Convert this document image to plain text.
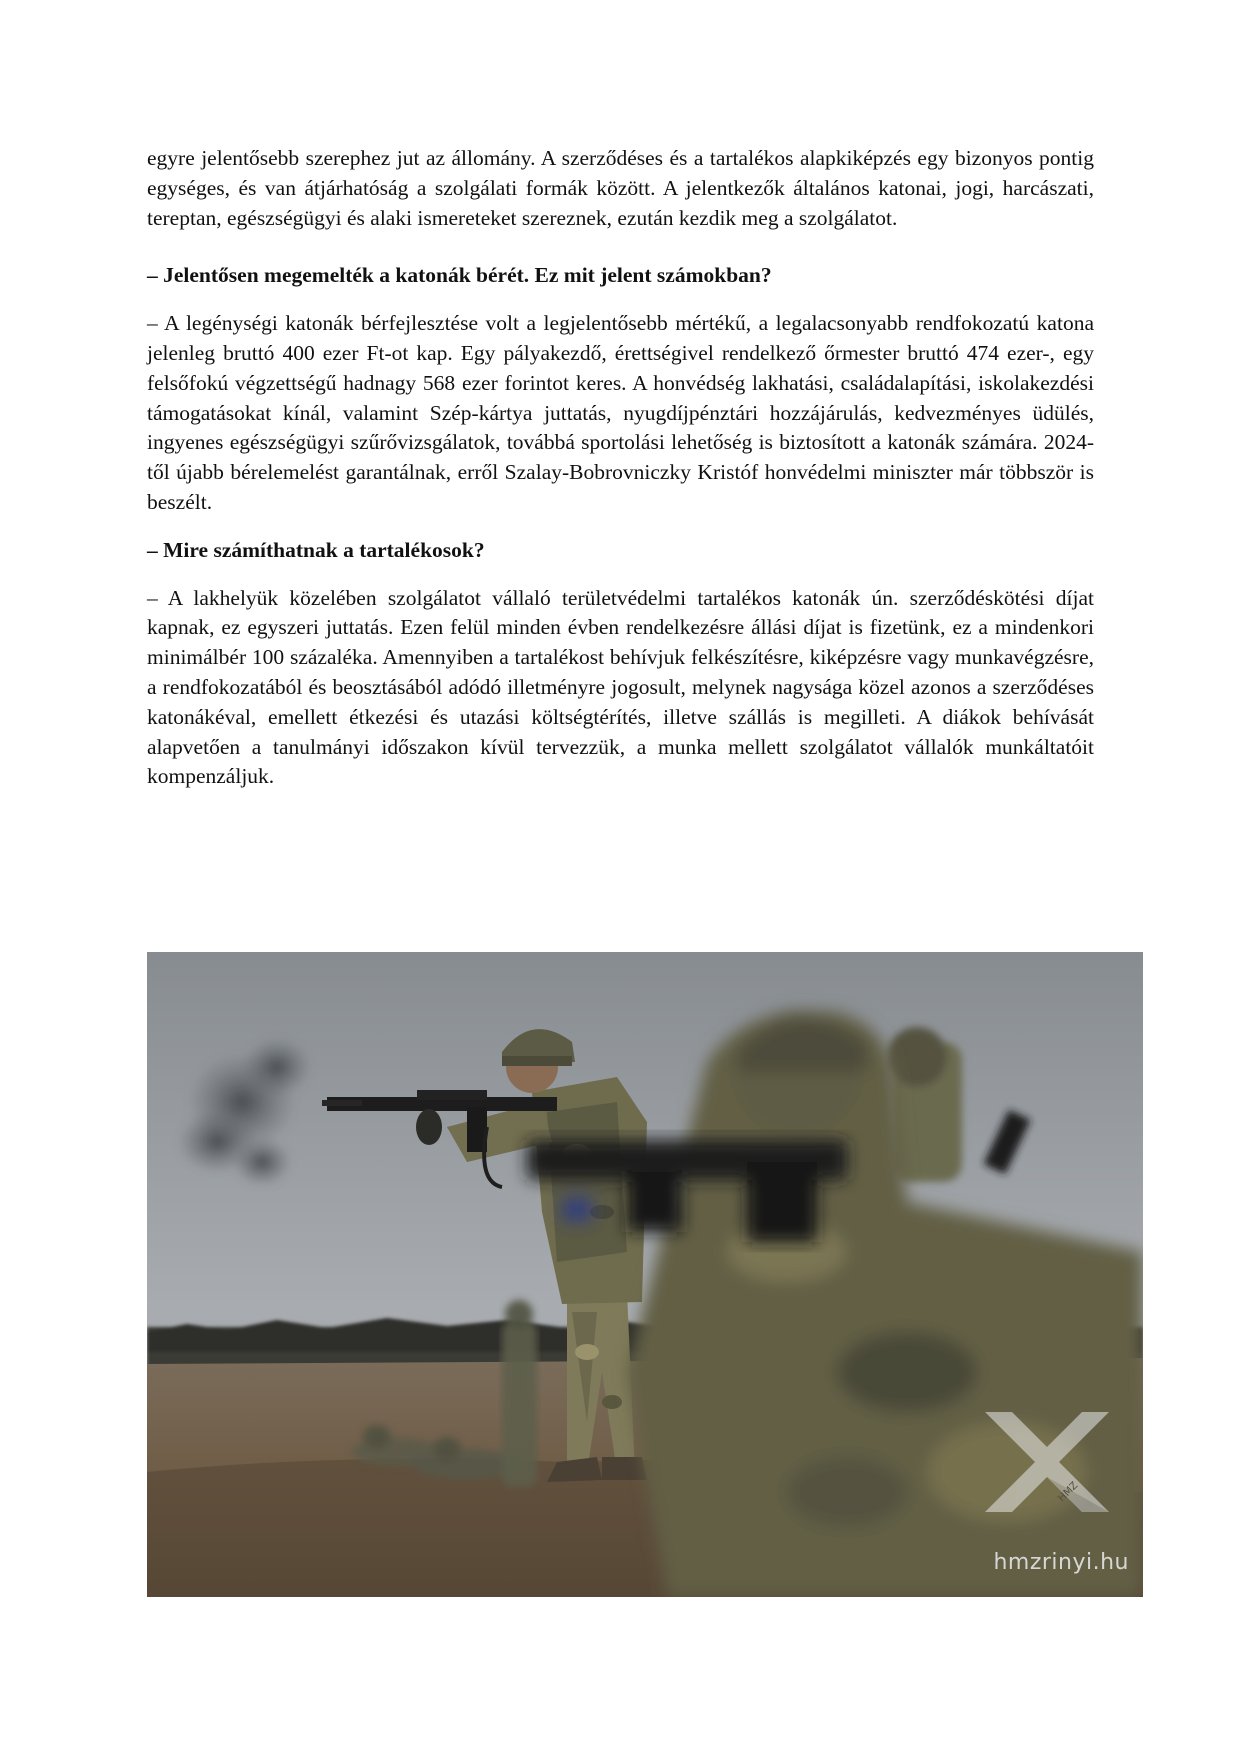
egyre jelentősebb szerephez jut az állomány. A szerződéses és a tartalékos alapkiképzés egy bizonyos pontig egységes, és van átjárhatóság a szolgálati formák között. A jelentkezők általános katonai, jogi, harcászati, tereptan, egészségügyi és alaki ismereteket szereznek, ezután kezdik meg a szolgálatot.

– Jelentősen megemelték a katonák bérét. Ez mit jelent számokban?

– A legénységi katonák bérfejlesztése volt a legjelentősebb mértékű, a legalacsonyabb rendfokozatú katona jelenleg bruttó 400 ezer Ft-ot kap. Egy pályakezdő, érettségivel rendelkező őrmester bruttó 474 ezer-, egy felsőfokú végzettségű hadnagy 568 ezer forintot keres. A honvédség lakhatási, családalapítási, iskolakezdési támogatásokat kínál, valamint Szép-kártya juttatás, nyugdíjpénztári hozzájárulás, kedvezményes üdülés, ingyenes egészségügyi szűrővizsgálatok, továbbá sportolási lehetőség is biztosított a katonák számára. 2024-től újabb bérelemelést garantálnak, erről Szalay-Bobrovniczky Kristóf honvédelmi miniszter már többször is beszélt.

– Mire számíthatnak a tartalékosok?

– A lakhelyük közelében szolgálatot vállaló területvédelmi tartalékos katonák ún. szerződéskötési díjat kapnak, ez egyszeri juttatás. Ezen felül minden évben rendelkezésre állási díjat is fizetünk, ez a mindenkori minimálbér 100 százaléka. Amennyiben a tartalékost behívjuk felkészítésre, kiképzésre vagy munkavégzésre, a rendfokozatából és beosztásából adódó illetményre jogosult, melynek nagysága közel azonos a szerződéses katonákéval, emellett étkezési és utazási költségtérítés, illetve szállás is megilleti. A diákok behívását alapvetően a tanulmányi időszakon kívül tervezzük, a munka mellett szolgálatot vállalók munkáltatóit kompenzáljuk.

HMZ
hmzrinyi.hu
